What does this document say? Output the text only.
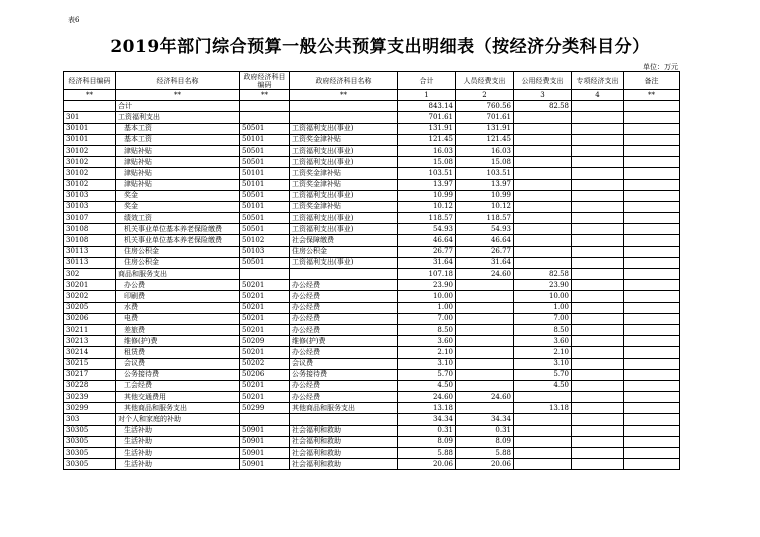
表6
2019年部门综合预算一般公共预算支出明细表（按经济分类科目分）
单位：万元
经济科目编码	经济科目名称	政府经济科目编码	政府经济科目名称	合计	人员经费支出	公用经费支出	专项经济支出	备注
**	**	**	**	1	2	3	4	**
	合计			843.14	760.56	82.58		
301	工资福利支出			701.61	701.61			
30101	基本工资	50501	工资福利支出(事业)	131.91	131.91			
30101	基本工资	50101	工资奖金津补贴	121.45	121.45			
30102	津贴补贴	50501	工资福利支出(事业)	16.03	16.03			
30102	津贴补贴	50501	工资福利支出(事业)	15.08	15.08			
30102	津贴补贴	50101	工资奖金津补贴	103.51	103.51			
30102	津贴补贴	50101	工资奖金津补贴	13.97	13.97			
30103	奖金	50501	工资福利支出(事业)	10.99	10.99			
30103	奖金	50101	工资奖金津补贴	10.12	10.12			
30107	绩效工资	50501	工资福利支出(事业)	118.57	118.57			
30108	机关事业单位基本养老保险缴费	50501	工资福利支出(事业)	54.93	54.93			
30108	机关事业单位基本养老保险缴费	50102	社会保障缴费	46.64	46.64			
30113	住房公积金	50103	住房公积金	26.77	26.77			
30113	住房公积金	50501	工资福利支出(事业)	31.64	31.64			
302	商品和服务支出			107.18	24.60	82.58		
30201	办公费	50201	办公经费	23.90		23.90		
30202	印刷费	50201	办公经费	10.00		10.00		
30205	水费	50201	办公经费	1.00		1.00		
30206	电费	50201	办公经费	7.00		7.00		
30211	差旅费	50201	办公经费	8.50		8.50		
30213	维修(护)费	50209	维修(护)费	3.60		3.60		
30214	租赁费	50201	办公经费	2.10		2.10		
30215	会议费	50202	会议费	3.10		3.10		
30217	公务接待费	50206	公务接待费	5.70		5.70		
30228	工会经费	50201	办公经费	4.50		4.50		
30239	其他交通费用	50201	办公经费	24.60	24.60			
30299	其他商品和服务支出	50299	其他商品和服务支出	13.18		13.18		
303	对个人和家庭的补助			34.34	34.34			
30305	生活补助	50901	社会福利和救助	0.31	0.31			
30305	生活补助	50901	社会福利和救助	8.09	8.09			
30305	生活补助	50901	社会福利和救助	5.88	5.88			
30305	生活补助	50901	社会福利和救助	20.06	20.06			
